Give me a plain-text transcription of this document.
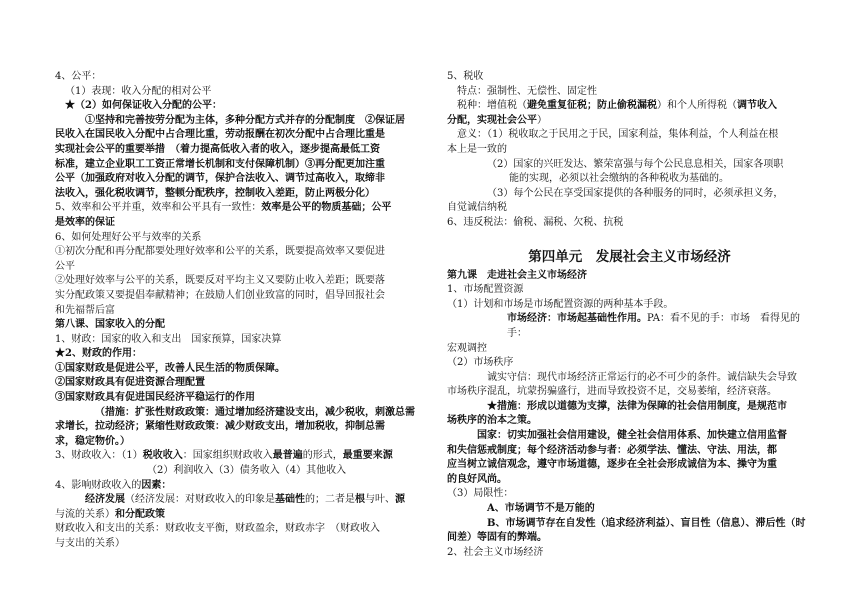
4、公平：

（1）表现：收入分配的相对公平

★（2）如何保证收入分配的公平：

①坚持和完善按劳分配为主体，多种分配方式并存的分配制度　②保证居

民收入在国民收入分配中占合理比重，劳动报酬在初次分配中占合理比重是

实现社会公平的重要举措　（着力提高低收入者的收入，逐步提高最低工资

标准，建立企业职工工资正常增长机制和支付保障机制）③再分配更加注重

公平（加强政府对收入分配的调节，保护合法收入、调节过高收入，取缔非

法收入，强化税收调节，整顿分配秩序，控制收入差距，防止两极分化）

5、效率和公平并重，效率和公平具有一致性：效率是公平的物质基础；公平

是效率的保证

6、如何处理好公平与效率的关系

①初次分配和再分配都要处理好效率和公平的关系，既要提高效率又要促进

公平

②处理好效率与公平的关系，既要反对平均主义又要防止收入差距；既要落

实分配政策又要提倡奉献精神；在鼓励人们创业致富的同时，倡导回报社会

和先福帮后富

第八课、国家收入的分配

1、财政：国家的收入和支出　国家预算，国家决算

★2、财政的作用：

①国家财政是促进公平，改善人民生活的物质保障。

②国家财政具有促进资源合理配置

③国家财政具有促进国民经济平稳运行的作用

（措施：扩张性财政政策：通过增加经济建设支出，减少税收，刺激总需

求增长，拉动经济；紧缩性财政政策：减少财政支出，增加税收，抑制总需

求，稳定物价。）

3、财政收入：（1）税收收入：国家组织财政收入最普遍的形式，最重要来源

（2）利润收入（3）债务收入（4）其他收入

4、影响财政收入的因素：

经济发展（经济发展：对财政收入的印象是基础性的；二者是根与叶、源

与流的关系）和分配政策

财政收入和支出的关系：财政收支平衡，财政盈余，财政赤字　（财政收入

与支出的关系）

5、税收

特点：强制性、无偿性、固定性

税种：增值税（避免重复征税；防止偷税漏税）和个人所得税（调节收入

分配，实现社会公平）

意义：（1）税收取之于民用之于民，国家利益，集体利益，个人利益在根

本上是一致的

（2）国家的兴旺发达、繁荣富强与每个公民息息相关，国家各项职

能的实现，必须以社会缴纳的各种税收为基础的。

（3）每个公民在享受国家提供的各种服务的同时，必须承担义务，

自觉诚信纳税

6、违反税法：偷税、漏税、欠税、抗税

第四单元　发展社会主义市场经济

第九课　走进社会主义市场经济

1、市场配置资源

（1）计划和市场是市场配置资源的两种基本手段。

市场经济：市场起基础性作用。PA：看不见的手：市场　看得见的手：

宏观调控

（2）市场秩序

诚实守信：现代市场经济正常运行的必不可少的条件。诚信缺失会导致

市场秩序混乱，坑蒙拐骗盛行，进而导致投资不足，交易萎缩，经济衰落。

★措施：形成以道德为支撑，法律为保障的社会信用制度，是规范市

场秩序的治本之策。

国家：切实加强社会信用建设，健全社会信用体系、加快建立信用监督

和失信惩戒制度；每个经济活动参与者：必须学法、懂法、守法、用法，都

应当树立诚信观念，遵守市场道德，逐步在全社会形成诚信为本、操守为重

的良好风尚。

（3）局限性：

A、市场调节不是万能的

B、市场调节存在自发性（追求经济利益）、盲目性（信息）、滞后性（时

间差）等固有的弊端。

2、社会主义市场经济
